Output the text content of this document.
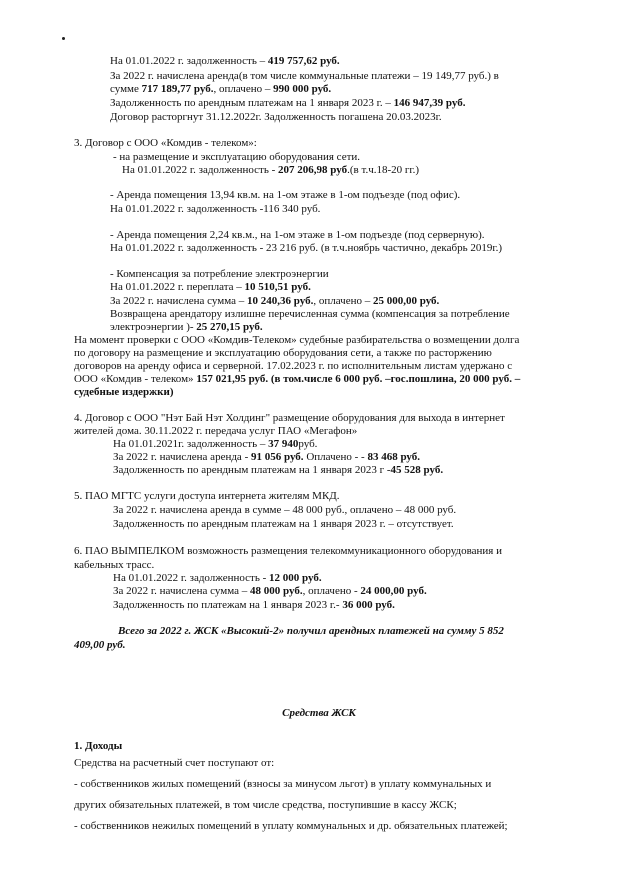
На 01.01.2022 г. задолженность – 419 757,62 руб.
За 2022 г. начислена аренда(в том числе коммунальные платежи – 19 149,77 руб.) в
сумме 717 189,77 руб., оплачено – 990 000 руб.
Задолженность по арендным платежам на 1 января 2023 г. – 146 947,39 руб.
Договор расторгнут 31.12.2022г. Задолженность погашена 20.03.2023г.
3. Договор с ООО «Комдив - телеком»:
- на размещение и эксплуатацию оборудования сети.
На 01.01.2022 г. задолженность - 207 206,98 руб.(в т.ч.18-20 гг.)
- Аренда помещения 13,94 кв.м. на 1-ом этаже в 1-ом подъезде (под офис).
На 01.01.2022 г. задолженность -116 340 руб.
- Аренда помещения 2,24 кв.м., на 1-ом этаже в 1-ом подъезде (под серверную).
На 01.01.2022 г. задолженность - 23 216 руб. (в т.ч.ноябрь частично, декабрь 2019г.)
- Компенсация за потребление электроэнергии
На 01.01.2022 г. переплата – 10 510,51 руб.
За 2022 г. начислена сумма – 10 240,36 руб., оплачено – 25 000,00 руб.
Возвращена арендатору излишне перечисленная сумма (компенсация за потребление
электроэнергии )- 25 270,15 руб.
На момент проверки с ООО «Комдив-Телеком» судебные разбирательства о возмещении долга
по договору на размещение и эксплуатацию оборудования сети, а также по расторжению
договоров на аренду офиса и серверной. 17.02.2023 г. по исполнительным листам удержано с
ООО «Комдив - телеком» 157 021,95 руб. (в том.числе 6 000 руб. –гос.пошлина, 20 000 руб. –
судебные издержки)
4. Договор с ООО "Нэт Бай Нэт Холдинг" размещение оборудования для выхода в интернет
жителей дома. 30.11.2022 г. передача услуг ПАО «Мегафон»
На 01.01.2021г. задолженность – 37 940руб.
За 2022 г. начислена аренда - 91 056 руб. Оплачено - - 83 468 руб.
Задолженность по арендным платежам на 1 января 2023 г -45 528 руб.
5. ПАО МГТС услуги доступа интернета жителям МКД.
За 2022 г. начислена аренда в сумме – 48 000 руб., оплачено – 48 000 руб.
Задолженность по арендным платежам на 1 января 2023 г. – отсутствует.
6. ПАО ВЫМПЕЛКОМ возможность размещения телекоммуникационного оборудования и
кабельных трасс.
На 01.01.2022 г. задолженность - 12 000 руб.
За 2022 г. начислена сумма – 48 000 руб., оплачено - 24 000,00 руб.
Задолженность по платежам на 1 января 2023 г.- 36 000 руб.
Всего за 2022 г. ЖСК «Высокий-2» получил арендных платежей на сумму 5 852
409,00 руб.
Средства ЖСК
1. Доходы
Средства на расчетный счет поступают от:
- собственников жилых помещений (взносы за минусом льгот) в уплату коммунальных и
других обязательных платежей, в том числе средства, поступившие в кассу ЖСК;
- собственников нежилых помещений в уплату коммунальных и др. обязательных платежей;
